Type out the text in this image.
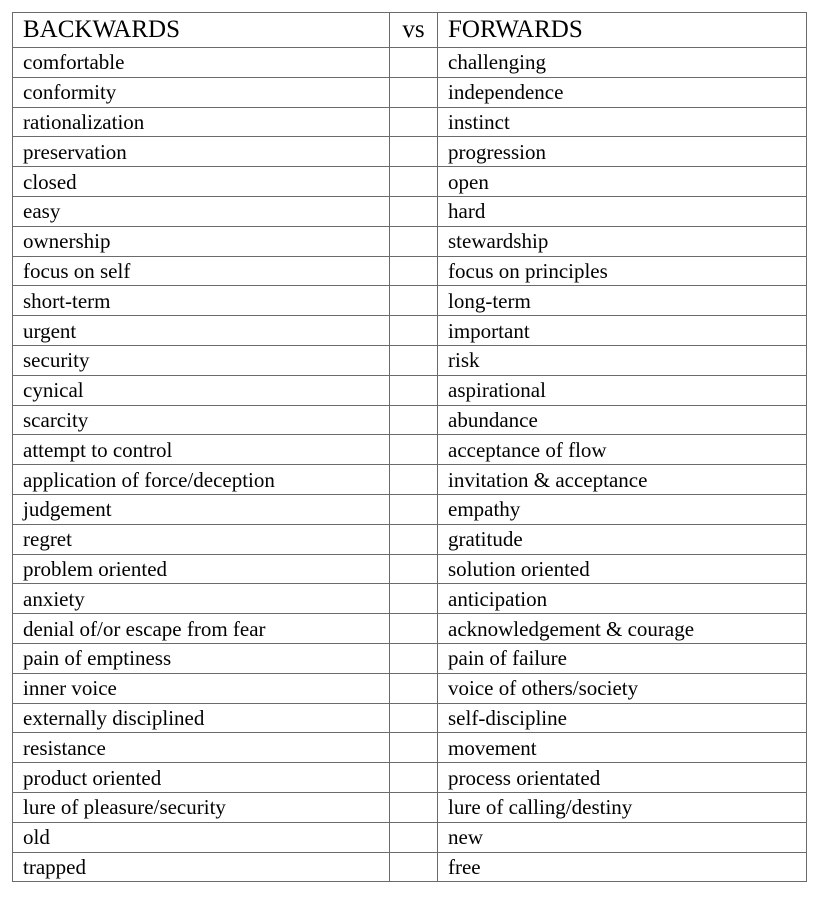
BACKWARDS	vs	FORWARDS
comfortable		challenging
conformity		independence
rationalization		instinct
preservation		progression
closed		open
easy		hard
ownership		stewardship
focus on self		focus on principles
short-term		long-term
urgent		important
security		risk
cynical		aspirational
scarcity		abundance
attempt to control		acceptance of flow
application of force/deception		invitation & acceptance
judgement		empathy
regret		gratitude
problem oriented		solution oriented
anxiety		anticipation
denial of/or escape from fear		acknowledgement & courage
pain of emptiness		pain of failure
inner voice		voice of others/society
externally disciplined		self-discipline
resistance		movement
product oriented		process orientated
lure of pleasure/security		lure of calling/destiny
old		new
trapped		free
